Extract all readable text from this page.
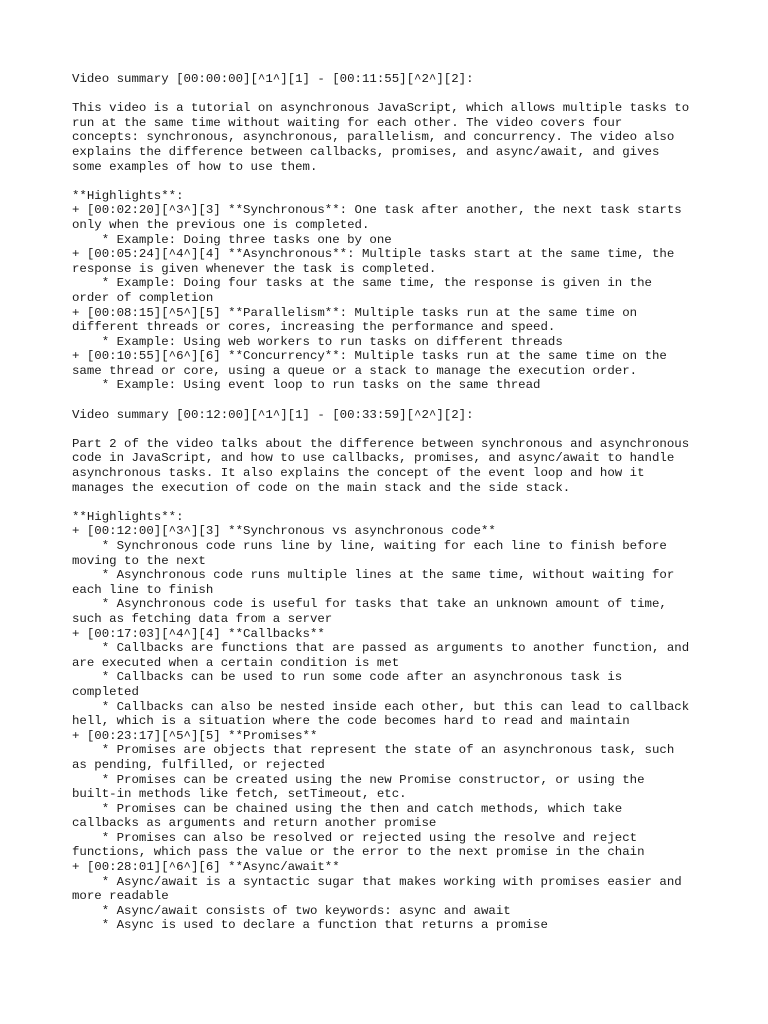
Video summary [00:00:00][^1^][1] - [00:11:55][^2^][2]:
This video is a tutorial on asynchronous JavaScript, which allows multiple tasks to
run at the same time without waiting for each other. The video covers four
concepts: synchronous, asynchronous, parallelism, and concurrency. The video also
explains the difference between callbacks, promises, and async/await, and gives
some examples of how to use them.
**Highlights**:
+ [00:02:20][^3^][3] **Synchronous**: One task after another, the next task starts
only when the previous one is completed.
* Example: Doing three tasks one by one
+ [00:05:24][^4^][4] **Asynchronous**: Multiple tasks start at the same time, the
response is given whenever the task is completed.
* Example: Doing four tasks at the same time, the response is given in the
order of completion
+ [00:08:15][^5^][5] **Parallelism**: Multiple tasks run at the same time on
different threads or cores, increasing the performance and speed.
* Example: Using web workers to run tasks on different threads
+ [00:10:55][^6^][6] **Concurrency**: Multiple tasks run at the same time on the
same thread or core, using a queue or a stack to manage the execution order.
* Example: Using event loop to run tasks on the same thread
Video summary [00:12:00][^1^][1] - [00:33:59][^2^][2]:
Part 2 of the video talks about the difference between synchronous and asynchronous
code in JavaScript, and how to use callbacks, promises, and async/await to handle
asynchronous tasks. It also explains the concept of the event loop and how it
manages the execution of code on the main stack and the side stack.
**Highlights**:
+ [00:12:00][^3^][3] **Synchronous vs asynchronous code**
* Synchronous code runs line by line, waiting for each line to finish before
moving to the next
* Asynchronous code runs multiple lines at the same time, without waiting for
each line to finish
* Asynchronous code is useful for tasks that take an unknown amount of time,
such as fetching data from a server
+ [00:17:03][^4^][4] **Callbacks**
* Callbacks are functions that are passed as arguments to another function, and
are executed when a certain condition is met
* Callbacks can be used to run some code after an asynchronous task is
completed
* Callbacks can also be nested inside each other, but this can lead to callback
hell, which is a situation where the code becomes hard to read and maintain
+ [00:23:17][^5^][5] **Promises**
* Promises are objects that represent the state of an asynchronous task, such
as pending, fulfilled, or rejected
* Promises can be created using the new Promise constructor, or using the
built-in methods like fetch, setTimeout, etc.
* Promises can be chained using the then and catch methods, which take
callbacks as arguments and return another promise
* Promises can also be resolved or rejected using the resolve and reject
functions, which pass the value or the error to the next promise in the chain
+ [00:28:01][^6^][6] **Async/await**
* Async/await is a syntactic sugar that makes working with promises easier and
more readable
* Async/await consists of two keywords: async and await
* Async is used to declare a function that returns a promise
